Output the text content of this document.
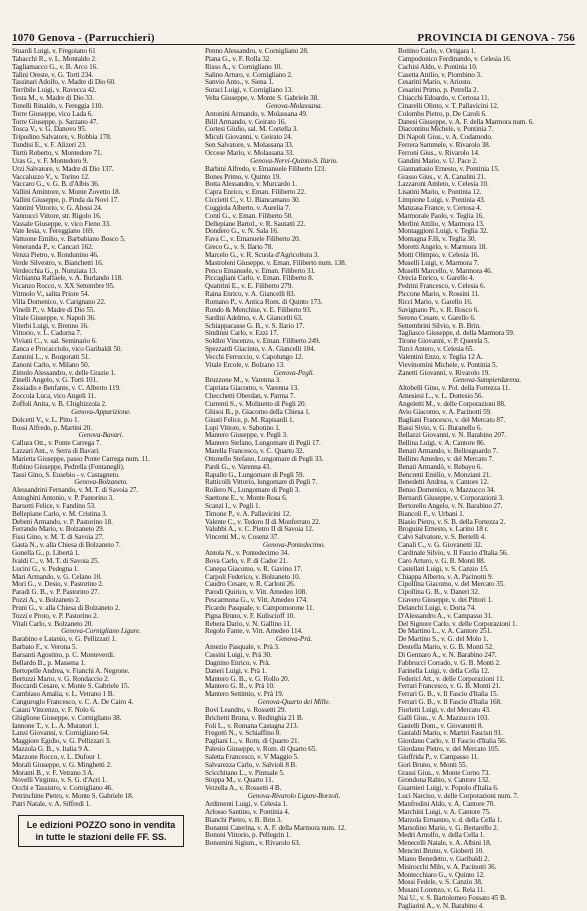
1070 Genova - (Parrucchieri)	PROVINCIA DI GENOVA - 756
Stuardi Luigi, v. Fregoiano 61
Tabacchi R., v. L. Montaldo 2.
Tagliamacco G., v. B. Arco 16.
Talini Oreste, v. G. Torti 234.
Tassinari Adolfo, v. Madre di Dio 60.
Terribile Luigi, v. Ravecca 42.
Testa M., v. Madre di Dio 33.
Tonelli Rinaldo, v. Fereggia 110.
Torre Giuseppe, vico Lada 6.
Torre Giuseppe, p. Sarzano 47.
Tosca V., v. G. Danovo 95.
Tripodino Salvatore, v. Robbia 178.
Tundisi E., v. F. Alizeri 23.
Turtù Roberto, v. Montedore 71.
Uras G., v. F. Montedoro 9.
Urzi Salvatore, v. Madre di Dio 137.
Vaccaluzzo V., v. Torino 12.
Vaccaro G., v. G. B. d'Albis 36.
Vallini Amintore, v. Monte Zovetto 18.
Vallini Giuseppe, p. Pinda da Novi 17.
Vannini Vittorio, v. G. Alessi 24.
Vannucci Vittore, str. Rigolo 16.
Vassale Giuseppe, v. vico Fieno 33.
Vate Iesia, v. Fereggiano 169.
Vattuone Emilio, v. Barbabiano Bosco 5.
Veneranda P., v. Cancari 162.
Venza Pietro, v. Rondunino 46.
Verde Silvestro, v. Bianchetti 16.
Verdecchia G., p. Nunziata 13.
Vichianna Raffaele, v. A. Burlando 118.
Vicanzo Rocco, v. XX Settembre 95.
Vitmolo V., salita Priore 54.
Villa Domenico, v. Carignano 22.
Vinelli P., v. Madre di Dio 55.
Vitale Giuseppe, v. Napoli 36.
Viterbi Luigi, v. Brenno 16.
Vittorio, v. L. Cadorna 7.
Viviani C., v. sal. Seminario 6.
Zanca e Procacciolo, vico Garibaldi 50.
Zannini L., v. Borgoratti 51.
Zanoni Carlo, v. Milano 50.
Zimolo Alessandro, v. delle Grazie 1.
Zinelli Angelo, v. G. Torti 101.
Zissiadis e Benfante, v. C. Alberto 119.
Zoccola Luca, vico Angeli 11.
Zoffoli Anita, v. B. Chighizzola 2.
Genova-Apparizione.
Dolcetti V., v. L. Pitto 1.
Rossi Alfredo, p. Martini 20.
Genova-Bavari.
Callura Ott., v. Ponte Carrega 7.
Lazzari Ant., v. Serra di Bavari.
Marietta Giuseppe, passo Ponte Carrega num. 11.
Rubino Giuseppe, Pedrella (Fontanegli).
Tassi Gino, S. Eusebio - v. Castagneto.
Genova-Bolzaneto.
Alessandrini Fernando, v. M. T. di Savoia 27.
Antoghini Antonio, v. P. Pastorino 3.
Barsotti Felice, v. Fandino 53.
Bellepiane Carlo, v. M. Cristina 3.
Debeni Armando, v. P. Pastorino 18.
Ferrando Mario, v. Bolzaneto 29.
Fissi Gino, v. M. T. di Savoia 27.
Gasta N., v. alla Chiesa di Bolzaneto 7.
Gonella G., p. Libertà 1.
Ivaldi C., v. M. T. di Savoia 25.
Lucini G., v. Pedegna 1.
Mari Armando, v. G. Celano 10.
Mori G., v. Desio, v. Pastorino 2.
Paradi G. B., v. P. Pastorino 27.
Pozzi A., v. Bolzaneto 2.
Pruni G., v. alla Chiesa di Bolzaneto 2.
Tozzi e Proto, v. P. Pastorino 2.
Vitali Carlo, v. Bolzaneto 20.
Genova-Cornigliano Ligure.
Barabino e Latanio, v. G. Pellizzari 1.
Barbato F., v. Verona 5.
Barsanti Agostino, p. C. Monteverdi.
Bellardo B., p. Massena 1.
Bertopelle Andrea, v. Franchi A. Negrone.
Bertuzzi Mario, v. G. Rondaccio 2.
Boccardi Cesare, v. Monte S. Gabriele 15.
Cambiaso Amalia, v. L. Vetrano 1 B.
Canguroglo Francesco, v. C. A. De Cairo 4.
Catani Vincenzo, v. F. Nolo 6.
Ghiglione Giuseppe, v. Cornigliano 38.
Iannone T., v. L. A. Muratori 1.
Lanzi Giovanni, v. Cornigliano 64.
Maggiore Egidio, v. G. Pellizzari 3.
Mazzola G. B., v. Italia 9 A.
Mazzone Rocco, v. L. Dufour 1.
Morali Giuseppe, v. G. Minghetti 2.
Moranti B., v. F. Vetrano 3 A.
Novelli Virginio, v. S. G. d'Acri 1.
Occhi e Tassistro, v. Cornigliano 46.
Petrinchine Pietro, v. Monte S. Gabriele 18.
Patri Natale, v. A. Siffredi 1.
Le edizioni POZZO sono in vendita
in tutte le stazioni delle FF. SS.
Penno Alessandro, v. Cornigliano 28.
Piana G., v. F. Rolla 32.
Risso A., v. Cornigliano 10.
Salino Arturo, v. Cornigliano 2.
Sanvio Anto., v. Siena 1.
Suraci Luigi, v. Cornigliano 13.
Velta Giuseppe, v. Monte S. Gabriele 38.
Genova-Molassana.
Antonini Armando, v. Molassana 49.
Bilil Armando, v. Geirato 16.
Cortesi Giulio, sal. M. Cortella 3.
Miculi Giovanni, v. Geirato 24.
Sen Salvatore, v. Molassana 33.
Occese Mario, v. Molassana 33.
Genova-Nervi-Quinto-S. Ilario.
Barbini Alfredo, v. Emanuele Filiberto 123.
Bones Primo, v. Quinto 19.
Botta Alessandro, v. Murcardo 1.
Capra Enrico, v. Eman. Filiberto 22.
Ciccietti C., v. U. Biancamano 30.
Coggiola Alberto, v. Aurelia 7.
Conti G., v. Eman. Filiberto 50.
Dellepiane Bartol., v. R. Sautatti 22.
Dondero G., v. N. Sala 16.
Fava C., v. Emanuele Filiberto 20.
Greco G., v. S. Ilario 78.
Marcelo G., v. R. Scuola d'Agricoltura 3.
Mastroleni Giuseppe, v. Eman. Filiberto num. 138.
Penco Emanuele, v. Eman. Filiberto 31.
Piccagliani Carlo, v. Eman. Filiberto 8.
Quattrini E., v. E. Filiberto 279.
Raina Enrico, v. A. Giancelli 83.
Romano P., v. Antica Rom. di Quinto 173.
Rondo & Menchise, v. E. Filiberto 93.
Sardini Adelmo, v. A. Giancelli 63.
Schiappacasse G. B., v. S. Ilario 17.
Sindinni Carlo, v. Ezzi 17.
Soldini Vincenzo, v. Eman. Filiberto 249.
Spezzardi Giacinto, v. A. Giancelli 104.
Vecchi Ferruccio, v. Capolungo 12.
Vitale Ercole, v. Bolzano 13.
Genova-Pegli.
Bruzzone M., v. Varenna 3.
Capriata Giacomo, v. Varenna 13.
Checchetti Oberdan, v. Parma 7.
Currenti S., v. Molinetto di Pegli 20.
Ghisoi B., p. Giacomo della Chiesa 1.
Giusti Felice, p. M. Rapisardi 1.
Lupi Vittore, v. Sabotino 1.
Mantero Giuseppe, v. Pegli 3.
Mantero Stefano, Lungomare di Pegli 17.
Marella Francesco, v. C. Quarto 32.
Ottonello Stefano, Lungomare di Pegli 33.
Pardi G., v. Varenna 43.
Rapallo G., Lungomare di Pegli 59.
Ratticolli Vittorio, lungomare di Pegli 7.
Roilero N., Lungomare di Pegli 3.
Saettone E., v. Monte Rosa 6.
Scanzi I., v. Pegli 1.
Timone P., v. A. Pallavicini 12.
Valente C., v. Tedoro II di Monferrato 22.
Valubbi A., v. C. Pietro II di Savoia 12.
Vincenti M., v. Cosenz 37.
Genova-Pontedecimo.
Antola N., v. Pontedecimo 34.
Bova Carlo, v. P. di Cador 21.
Canepa Giacomo, v. R. Gavino 17.
Carpoli Federico, v. Bolzaneto 10.
Caudro Cesare, v. R. Carloni 26.
Parodi Quirico, v. Vitt. Amedeo 108.
Pescarmona G., v. Vitt. Amedeo 174.
Picardo Pasquale, v. Campomorone 11.
Pigna Bruno, v. F. Kuliscioff 10.
Rebera Dario, v. N. Gallino 11.
Regolo Fante, v. Vitt. Amedeo 114.
Genova-Prà.
Amezio Pasquale, v. Prà 3.
Cassini Luigi, v. Prà 30.
Dagnino Enrico, v. Prà.
Daneri Luigi, v. Prà 1.
Mantero G. B., v. G. Rollo 20.
Mantero G. B., v. Prà 10.
Mantero Settimio, v. Prà 19.
Genova-Quarto dei Mille.
Bovi Leandro, v. Rossetti 29.
Brichetti Bruna, v. Redinghia 21 B.
Foli L., v. Romana Castagna 213.
Fregotti N., v. Schiaffino 8.
Pagliani L., v. Rom. di Quarto 21.
Palesio Giuseppe, v. Rom. di Quarto 65.
Saletta Francesco, v. V Maggio 5.
Salvarezza Carlo, v. Salvioli 8 B.
Scicchitano L., v. Pintuale 5.
Stoppa M., v. Quarto 11.
Verzella A., v. Rossetti 4 B.
Genova-Rivarolo Ligure-Borzoli.
Ardimenti Luigi, v. Celesia 1.
Arlosso Santino, v. Pontinia 4.
Bianchi Pietro, v. B. Brin 3.
Bonanni Caterina, v. A. F. della Marmora num. 12.
Bononi Vittorio, p. Pellegrin 1.
Bonomini Sigism., v. Rivarolo 63.
Bottino Carlo, v. Ortigara 1.
Campodonico Ferdinando, v. Celesia 16.
Cachisi Aldo, v. Pontinia 10.
Casetta Attilio, v. Piombino 3.
Cesarini Mario, v. Ariosto.
Cesarini Primo, p. Petrella 2.
Chiacchi Edoardo, v. Certosa 11.
Cinarelli Olinto, v. T. Pallavicini 12.
Colombo Pietro, p. De Caroli 6.
Danesi Giuseppe, v. A. F. della Marmora num. 6.
Diacontinu Michele, v. Pontinia 7.
Di Napoli Gius., v. A. Codamodo.
Ferrera Sammele, v. Rivarolo 38.
Ferroni Gius., v. Rivarolo 14.
Gandini Mario, v. U. Pace 2.
Giannattasio Ernesto, v. Pontinia 15.
Grasso Gius., v. A. Canalini 21.
Lazzaroni Amleto, v. Celesia 10.
Lisatini Mario, v. Pontinia 12.
Limpione Luigi, v. Pontinia 43.
Manzasa France, v. Certosa 4.
Marmorale Paolo, v. Teglia 16.
Merlini Attilio, v. Marmora 13.
Montaggioni Luigi, v. Teglia 32.
Montagna F.lli, v. Teglia 30.
Moretti Angelo, v. Marmora 18.
Motti Olimpio, v. Celesia 16.
Muselli Luigi, v. Marmora 7.
Muselli Marcello, v. Marmora 46.
Orecia Enrico, v. Garello 4.
Pedrini Francesco, v. Celesia 6.
Piccone Mario, v. Rossini 11.
Ricci Mario, v. Garello 16.
Savignano Pr., v. R. Bosco 6.
Sereno Cesare, v. Garello 6.
Settembrini Silvio, v. B. Brin.
Tagliasco Giuseppe, d. della Marmora 59.
Tirone Giovanni, v. P. Querela 5.
Turci Antero, v. Celesia 65.
Valentini Enzo, v. Teglia 12 A.
Vievinomini Michele, v. Pontinia 5.
Zanetti Giovanni, v. Rivarolo 19.
Genova-Sampierdarena.
Altobelli Gino, v. Pol. della Fortezza 11.
Amesiesi L., v. L. Dottesio 56.
Angeletti M., v. delle Corporazioni 88.
Avio Giacomo, v. A. Pacinotti 59.
Bagliani Francesco, v. del Mercato 87.
Bassi Sivio, v. G. Buranello 6.
Bellazzi Giovanni, v. N. Barabino 207.
Bellina Luigi, v. A. Cantore 86.
Benati Armando, v. Bellosguardo 7.
Bellino Amedeo, v. del Mercato 7.
Benati Armandò, v. Rebayo 6.
Bencretti Emilio, v. Monziani 21.
Benedetti Andrea, v. Cantore 12.
Benso Domenico, v. Mazzucco 34.
Bernardi Giuseppe, v. Corporazioni 3.
Bertorello Angelo, v. N. Barabino 27.
Biancoli F., v. Urbani 1.
Biasio Pietro, v. S. B. della Fortezza 2.
Broguini Ernesto, v. Larino 18 r.
Calvi Salvatore, v. S. Bertelli 4.
Canali C., v. G. Giovanetti 32.
Cardinale Silvio, v. Il Fascio d'Italia 56.
Caro Arturo, v. G. B. Monti 88.
Castellari Luigi, v. S. Canzio 15.
Chiappa Alberto, v. A. Pacinotti 9.
Cipollina Giacomo, v. del Mercato 35.
Cipollina G. B., v. Daneri 32.
Cravero Giuseppe, v. dei Pittori 1.
Delanchi Luigi, v. Doria 74.
D'Alessandro A., v. Campasso 31.
Del Signore Carlo, v. delle Corporazioni 1.
De Martino L., v. A. Cantore 251.
De Martino S., v. G. del Molo 1.
Destefla Mario, v. G. B. Monti 52.
Di Gennaro A., v. N. Barabino 247.
Fabbrucci Corrado, v. G. B. Monti 2.
Farinella Luigi, v. della Cella 12.
Federici Att., v. delle Corporazioni 11.
Ferrari Francesco, v. G. B. Monti 21.
Ferrari G. B., v. Il Fascio d'Italia 15.
Ferrari G. B., v. Il Fascio d'Italia 168.
Fiorletti Luigi, v. del Mercato 43.
Galli Gius., v. A. Mazzucco 103.
Gastelli Dom., v. Giovanetti 8.
Gastaldi Mario, v. Martiri Fascisti 91.
Giordano Carlo, v. Il Fascio d'Italia 56.
Giordano Pietro, v. del Mercato 105.
Giuffrida P., v. Campasso 11.
Gori Bruno, v. Monti 55.
Grassi Gius., v. Monte Corno 73.
Grondona Rabio, v. Cantore 132.
Guarnieri Luigi, v. Popolo d'Italia 6.
Luci Narciso, v. delle Corporazioni num. 7.
Manfredini Aldo, v. A. Cantore 70.
Marchini Luigi, v. A. Cantore 75.
Marzola Ermanno, v. d. della Cella 1.
Marsolino Mario, v. G. Bertarello 2.
Medri Arnolfo, v. della Cella 1.
Menecelli Natale, v. A. Albini 18.
Mencini Bruno, v. Giobertì 10.
Miano Benedetto, v. Garibaldi 2.
Misirocchi Milo, v. A. Pacinotti 36.
Montecchiaro G., v. Quinto 12.
Mossi Fedele, v. S. Canzio 38.
Musani Lorenzo, v. G. Rela 11.
Nai U., v. S. Bartolomeo Fossato 45 B.
Pagliarini A., v. N. Barabino 4.
